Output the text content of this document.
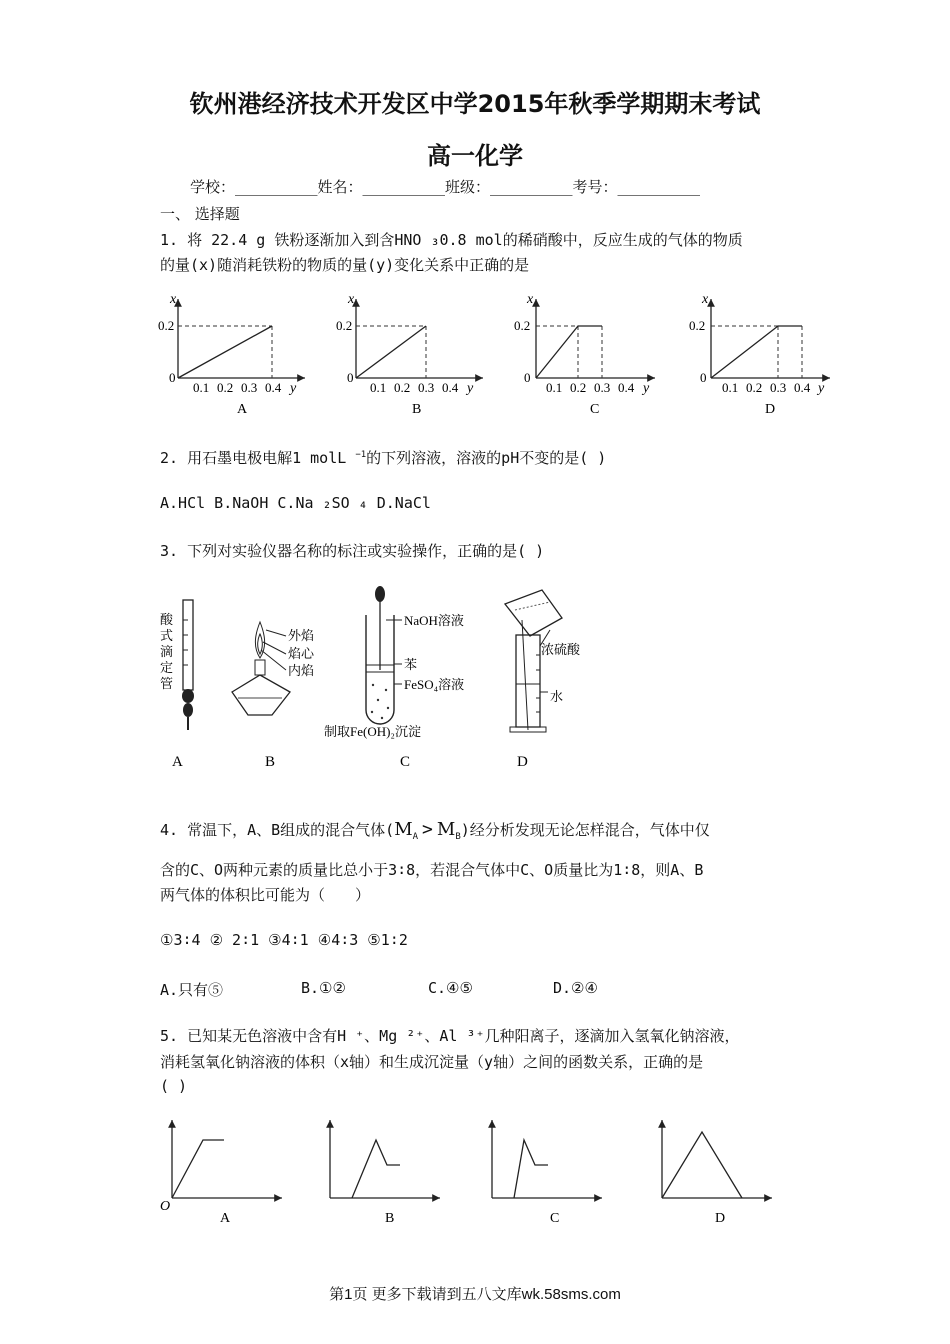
钦州港经济技术开发区中学2015年秋季学期期末考试
高一化学
学校：___________姓名：___________班级：___________考号：___________
一、 选择题
1. 将 22.4 g 铁粉逐渐加入到含HNO ₃0.8 mol的稀硝酸中，反应生成的气体的物质
的量(x)随消耗铁粉的物质的量(y)变化关系中正确的是
x
0.2
0
0.1 0.2 0.3 0.4 y
A
x
0.2
0
0.1 0.2 0.3 0.4 y
B
x
0.2
0
0.1 0.2 0.3 0.4 y
C
x
0.2
0
0.1 0.2 0.3 0.4 y
D
2. 用石墨电极电解1 molL $^{-1}$的下列溶液，溶液的pH不变的是( )
A.HCl B.NaOH C.Na ₂SO ₄ D.NaCl
3. 下列对实验仪器名称的标注或实验操作，正确的是( )
酸
式
滴
定
管
A
外焰
焰心
内焰
B
NaOH溶液
苯
FeSO₄溶液
制取Fe(OH)₂沉淀
C
浓硫酸
水
D
4. 常温下，A、B组成的混合气体$(M_A > M_B)$经分析发现无论怎样混合，气体中仅
含的C、O两种元素的质量比总小于3∶8，若混合气体中C、O质量比为1∶8，则A、B
两气体的体积比可能为（　　）
①3∶4 ② 2∶1 ③4∶1 ④4∶3 ⑤1∶2
A.只有⑤	B.①②	C.④⑤	D.②④
5. 已知某无色溶液中含有H ⁺、Mg ²⁺、Al ³⁺几种阳离子，逐滴加入氢氧化钠溶液，
消耗氢氧化钠溶液的体积（x轴）和生成沉淀量（y轴）之间的函数关系，正确的是
( )
O
A	B	C	D
第1页 更多下载请到五八文库wk.58sms.com
